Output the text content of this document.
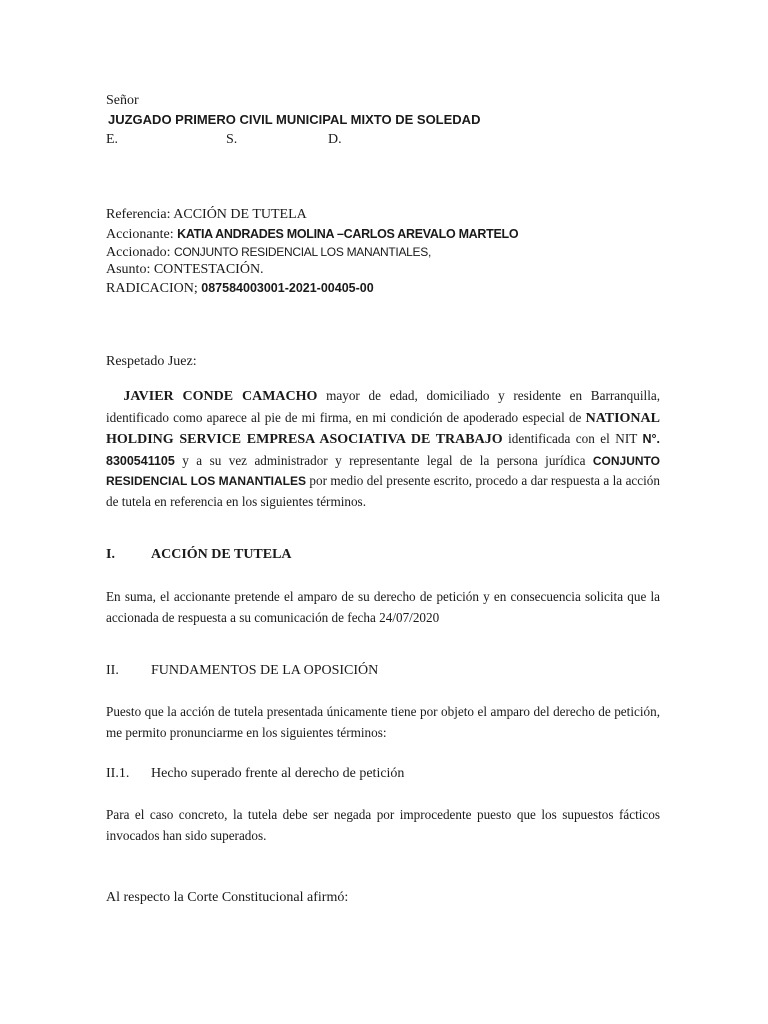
Señor
JUZGADO PRIMERO CIVIL MUNICIPAL MIXTO DE SOLEDAD
E.	S.	D.
Referencia: ACCIÓN DE TUTELA
Accionante: KATIA ANDRADES MOLINA –CARLOS AREVALO MARTELO
Accionado: CONJUNTO RESIDENCIAL LOS MANANTIALES,
Asunto: CONTESTACIÓN.
RADICACION; 087584003001-2021-00405-00
Respetado Juez:

JAVIER CONDE CAMACHO mayor de edad, domiciliado y residente en Barranquilla, identificado como aparece al pie de mi firma, en mi condición de apoderado especial de NATIONAL HOLDING SERVICE EMPRESA ASOCIATIVA DE TRABAJO identificada con el NIT N°. 8300541105 y a su vez administrador y representante legal de la persona jurídica CONJUNTO RESIDENCIAL LOS MANANTIALES por medio del presente escrito, procedo a dar respuesta a la acción de tutela en referencia en los siguientes términos.

I.	ACCIÓN DE TUTELA
En suma, el accionante pretende el amparo de su derecho de petición y en consecuencia solicita que la accionada de respuesta a su comunicación de fecha 24/07/2020
II. FUNDAMENTOS DE LA OPOSICIÓN
Puesto que la acción de tutela presentada únicamente tiene por objeto el amparo del derecho de petición, me permito pronunciarme en los siguientes términos:
II.1. Hecho superado frente al derecho de petición
Para el caso concreto, la tutela debe ser negada por improcedente puesto que los supuestos fácticos invocados han sido superados.
Al respecto la Corte Constitucional afirmó:
